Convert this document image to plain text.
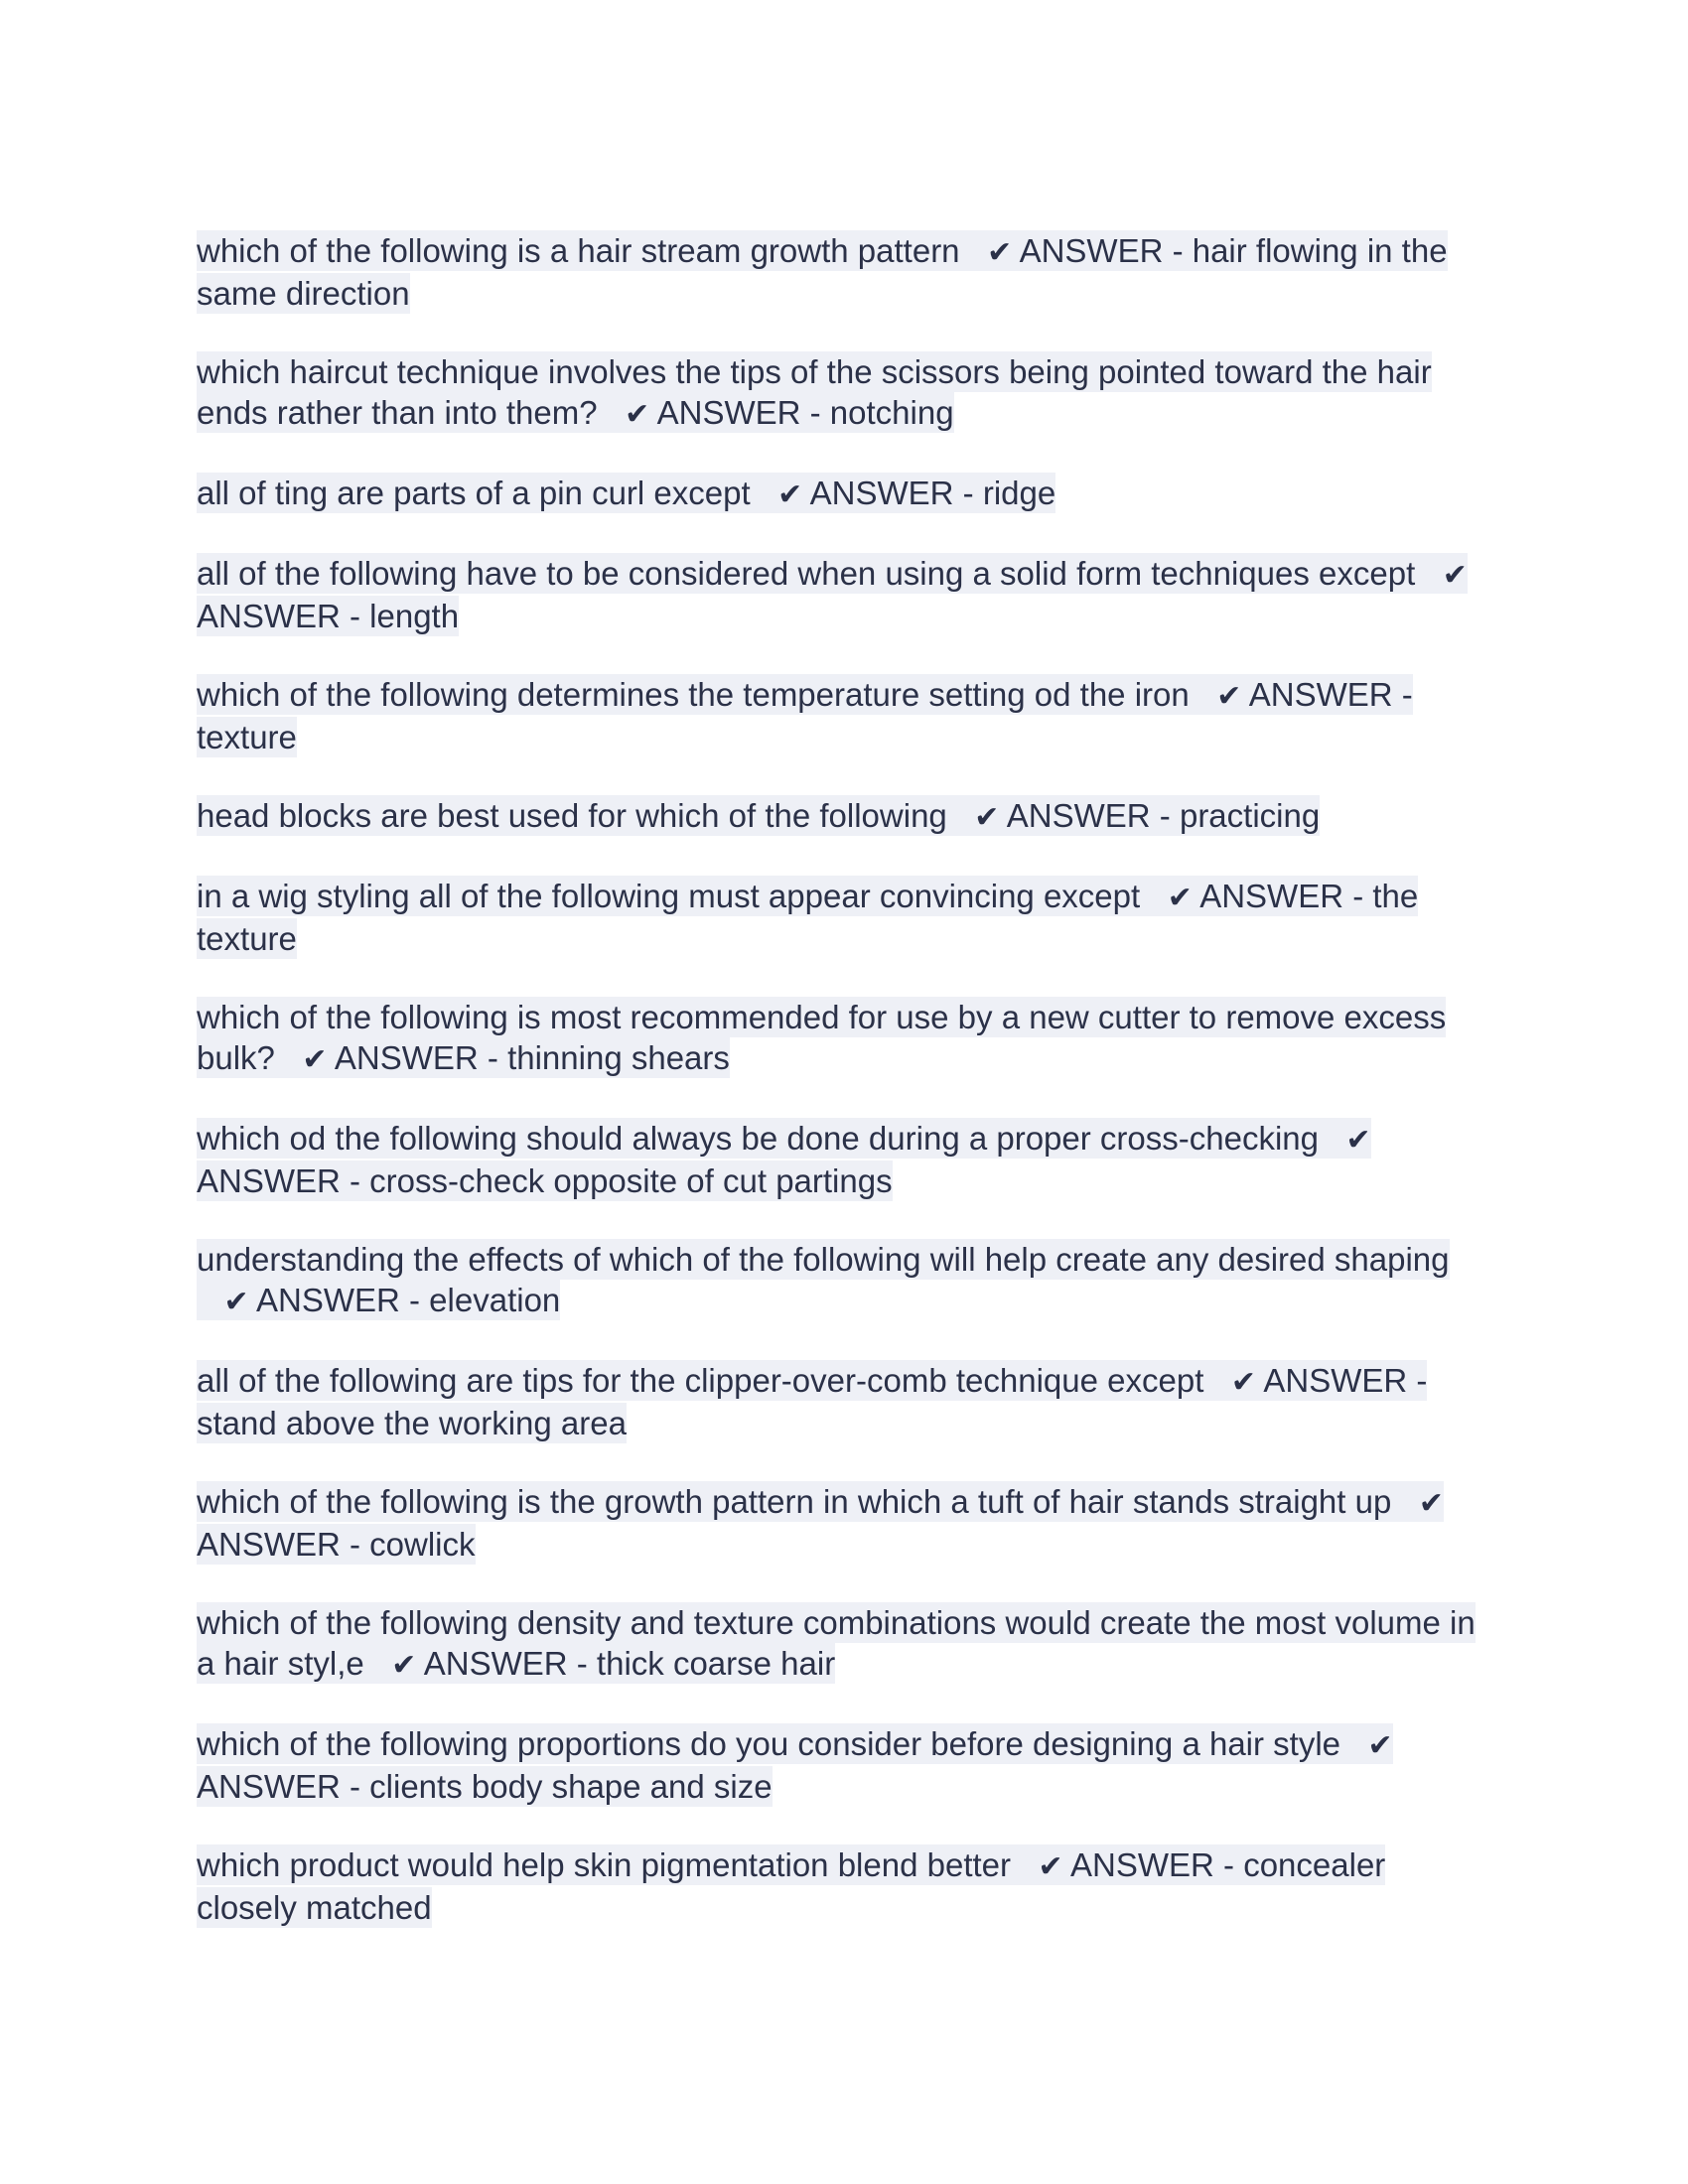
which of the following is a hair stream growth pattern ✔ ANSWER - hair flowing in the same direction
which haircut technique involves the tips of the scissors being pointed toward the hair ends rather than into them? ✔ ANSWER - notching
all of ting are parts of a pin curl except ✔ ANSWER - ridge
all of the following have to be considered when using a solid form techniques except ✔ ANSWER - length
which of the following determines the temperature setting od the iron ✔ ANSWER - texture
head blocks are best used for which of the following ✔ ANSWER - practicing
in a wig styling all of the following must appear convincing except ✔ ANSWER - the texture
which of the following is most recommended for use by a new cutter to remove excess bulk? ✔ ANSWER - thinning shears
which od the following should always be done during a proper cross-checking ✔ ANSWER - cross-check opposite of cut partings
understanding the effects of which of the following will help create any desired shaping   ✔ ANSWER - elevation
all of the following are tips for the clipper-over-comb technique except ✔ ANSWER - stand above the working area
which of the following is the growth pattern in which a tuft of hair stands straight up ✔ ANSWER - cowlick
which of the following density and texture combinations would create the most volume in a hair styl,e ✔ ANSWER - thick coarse hair
which of the following proportions do you consider before designing a hair style ✔ ANSWER - clients body shape and size
which product would help skin pigmentation blend better ✔ ANSWER - concealer closely matched
